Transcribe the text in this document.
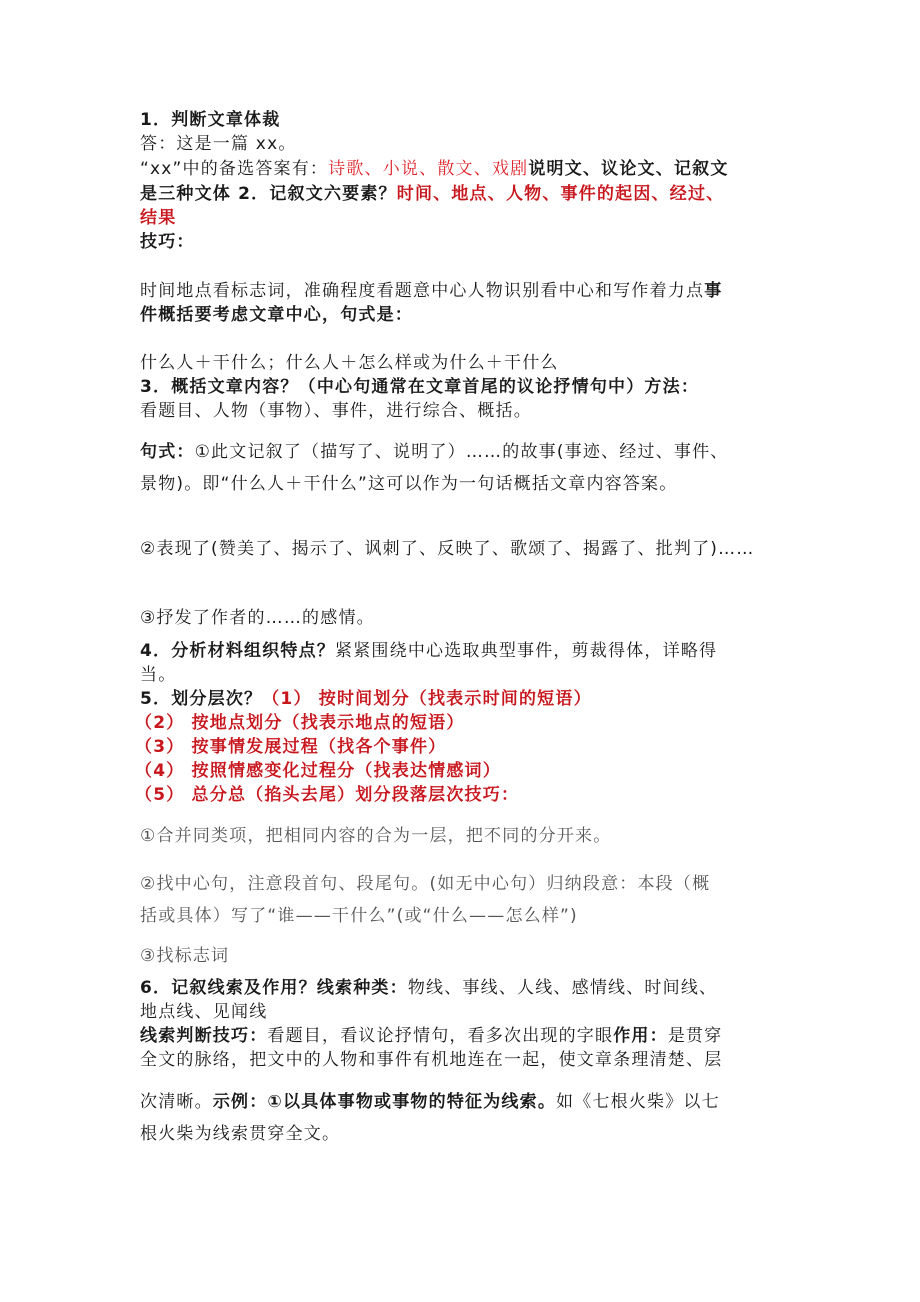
1．判断文章体裁
答：这是一篇 xx。
“xx”中的备选答案有：诗歌、小说、散文、戏剧说明文、议论文、记叙文
是三种文体 2．记叙文六要素？时间、地点、人物、事件的起因、经过、
结果
技巧：
时间地点看标志词，准确程度看题意中心人物识别看中心和写作着力点事
件概括要考虑文章中心，句式是：
什么人＋干什么；什么人＋怎么样或为什么＋干什么
3．概括文章内容？（中心句通常在文章首尾的议论抒情句中）方法：
看题目、人物（事物）、事件，进行综合、概括。
句式：①此文记叙了（描写了、说明了）……的故事(事迹、经过、事件、
景物)。即“什么人＋干什么”这可以作为一句话概括文章内容答案。
②表现了(赞美了、揭示了、讽刺了、反映了、歌颂了、揭露了、批判了)……
③抒发了作者的……的感情。
4．分析材料组织特点？紧紧围绕中心选取典型事件，剪裁得体，详略得
当。
5．划分层次？（1） 按时间划分（找表示时间的短语）
（2） 按地点划分（找表示地点的短语）
（3） 按事情发展过程（找各个事件）
（4） 按照情感变化过程分（找表达情感词）
（5） 总分总（掐头去尾）划分段落层次技巧：
①合并同类项，把相同内容的合为一层，把不同的分开来。
②找中心句，注意段首句、段尾句。(如无中心句）归纳段意：本段（概
括或具体）写了“谁——干什么”(或“什么——怎么样”)
③找标志词
6．记叙线索及作用？线索种类：物线、事线、人线、感情线、时间线、
地点线、见闻线
线索判断技巧：看题目，看议论抒情句，看多次出现的字眼作用：是贯穿
全文的脉络，把文中的人物和事件有机地连在一起，使文章条理清楚、层
次清晰。示例：①以具体事物或事物的特征为线索。如《七根火柴》以七
根火柴为线索贯穿全文。
